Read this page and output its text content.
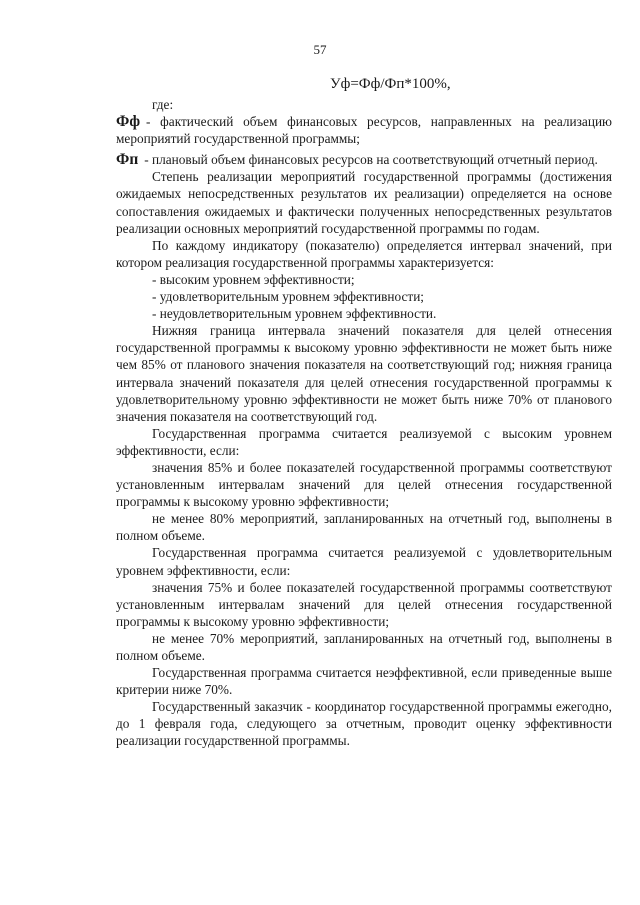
57
Уф=Фф/Фп*100%,

где:

Фф - фактический объем финансовых ресурсов, направленных на реализацию мероприятий государственной программы;

Фп - плановый объем финансовых ресурсов на соответствующий отчетный период.

Степень реализации мероприятий государственной программы (достижения ожидаемых непосредственных результатов их реализации) определяется на основе сопоставления ожидаемых и фактически полученных непосредственных результатов реализации основных мероприятий государственной программы по годам.

По каждому индикатору (показателю) определяется интервал значений, при котором реализация государственной программы характеризуется:

- высоким уровнем эффективности;

- удовлетворительным уровнем эффективности;

- неудовлетворительным уровнем эффективности.

Нижняя граница интервала значений показателя для целей отнесения государственной программы к высокому уровню эффективности не может быть ниже чем 85% от планового значения показателя на соответствующий год; нижняя граница интервала значений показателя для целей отнесения государственной программы к удовлетворительному уровню эффективности не может быть ниже 70% от планового значения показателя на соответствующий год.

Государственная программа считается реализуемой с высоким уровнем эффективности, если:

значения 85% и более показателей государственной программы соответствуют установленным интервалам значений для целей отнесения государственной программы к высокому уровню эффективности;

не менее 80% мероприятий, запланированных на отчетный год, выполнены в полном объеме.

Государственная программа считается реализуемой с удовлетворительным уровнем эффективности, если:

значения 75% и более показателей государственной программы соответствуют установленным интервалам значений для целей отнесения государственной программы к высокому уровню эффективности;

не менее 70% мероприятий, запланированных на отчетный год, выполнены в полном объеме.

Государственная программа считается неэффективной, если приведенные выше критерии ниже 70%.

Государственный заказчик - координатор государственной программы ежегодно, до 1 февраля года, следующего за отчетным, проводит оценку эффективности реализации государственной программы.
